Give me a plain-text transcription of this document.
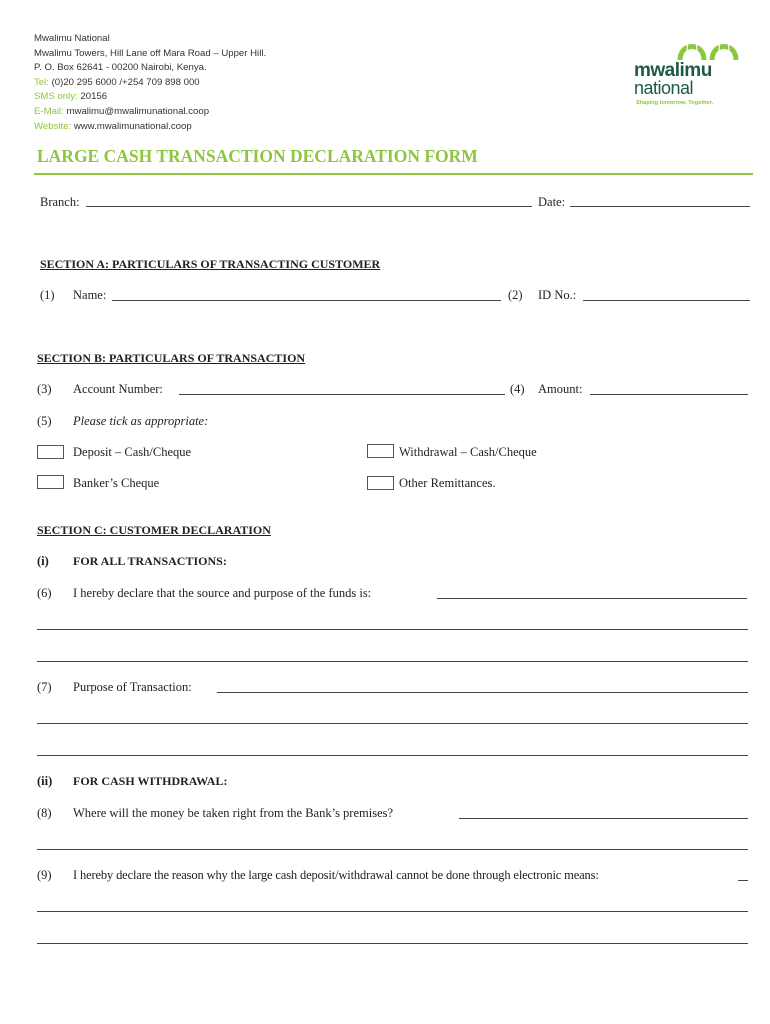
Mwalimu National
Mwalimu Towers, Hill Lane off Mara Road – Upper Hill.
P. O. Box 62641 - 00200 Nairobi, Kenya.
Tel: (0)20 295 6000 /+254 709 898 000
SMS only: 20156
E-Mail: mwalimu@mwalimunational.coop
Website: www.mwalimunational.coop
mwalimu
national
Shaping tomorrow. Together.
LARGE CASH TRANSACTION DECLARATION FORM
Branch:	Date:
SECTION A: PARTICULARS OF TRANSACTING CUSTOMER
(1) Name:	(2) ID No.:
SECTION B: PARTICULARS OF TRANSACTION
(3) Account Number:	(4) Amount:
(5) Please tick as appropriate:
Deposit – Cash/Cheque	Withdrawal – Cash/Cheque
Banker’s Cheque	Other Remittances.
SECTION C: CUSTOMER DECLARATION
(i) FOR ALL TRANSACTIONS:
(6) I hereby declare that the source and purpose of the funds is:
(7) Purpose of Transaction:
(ii) FOR CASH WITHDRAWAL:
(8) Where will the money be taken right from the Bank’s premises?
(9) I hereby declare the reason why the large cash deposit/withdrawal cannot be done through electronic means:
